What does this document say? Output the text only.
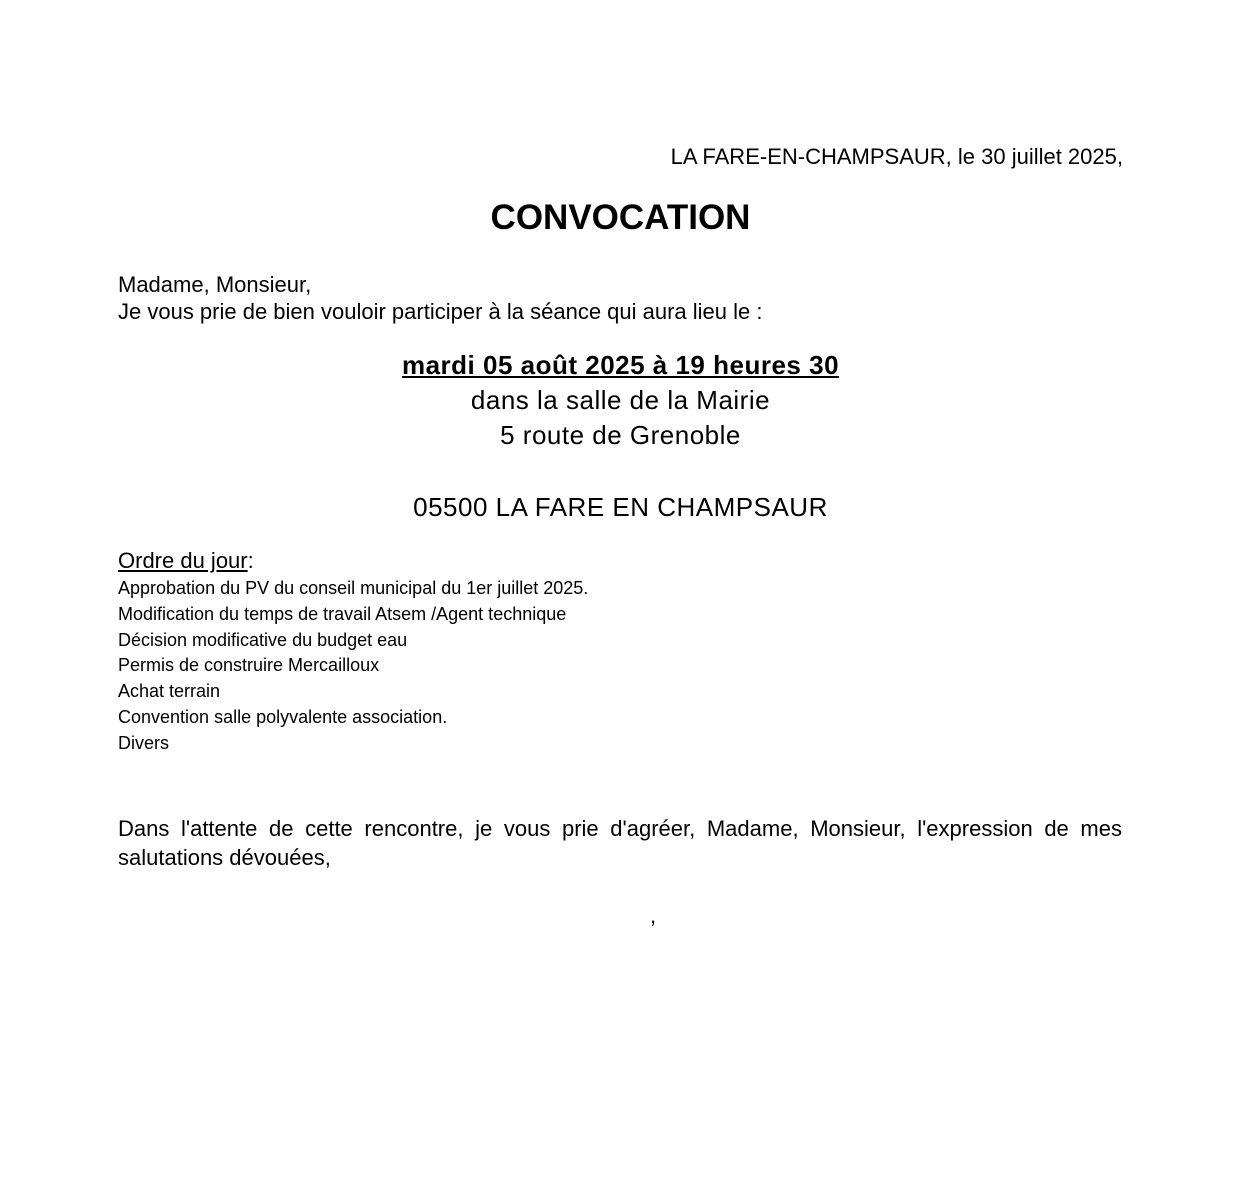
LA FARE-EN-CHAMPSAUR, le 30 juillet 2025,
CONVOCATION
Madame, Monsieur,
Je vous prie de bien vouloir participer à la séance qui aura lieu le :
mardi 05 août 2025 à 19 heures 30
dans la salle de la Mairie
5 route de Grenoble
05500 LA FARE EN CHAMPSAUR
Ordre du jour:
Approbation du PV du conseil municipal du 1er juillet 2025.
Modification du temps de travail Atsem /Agent technique
Décision modificative du budget eau
Permis de construire Mercailloux
Achat terrain
Convention salle polyvalente association.
Divers
Dans l'attente de cette rencontre, je vous prie d'agréer, Madame, Monsieur, l'expression de mes salutations dévouées,
,
